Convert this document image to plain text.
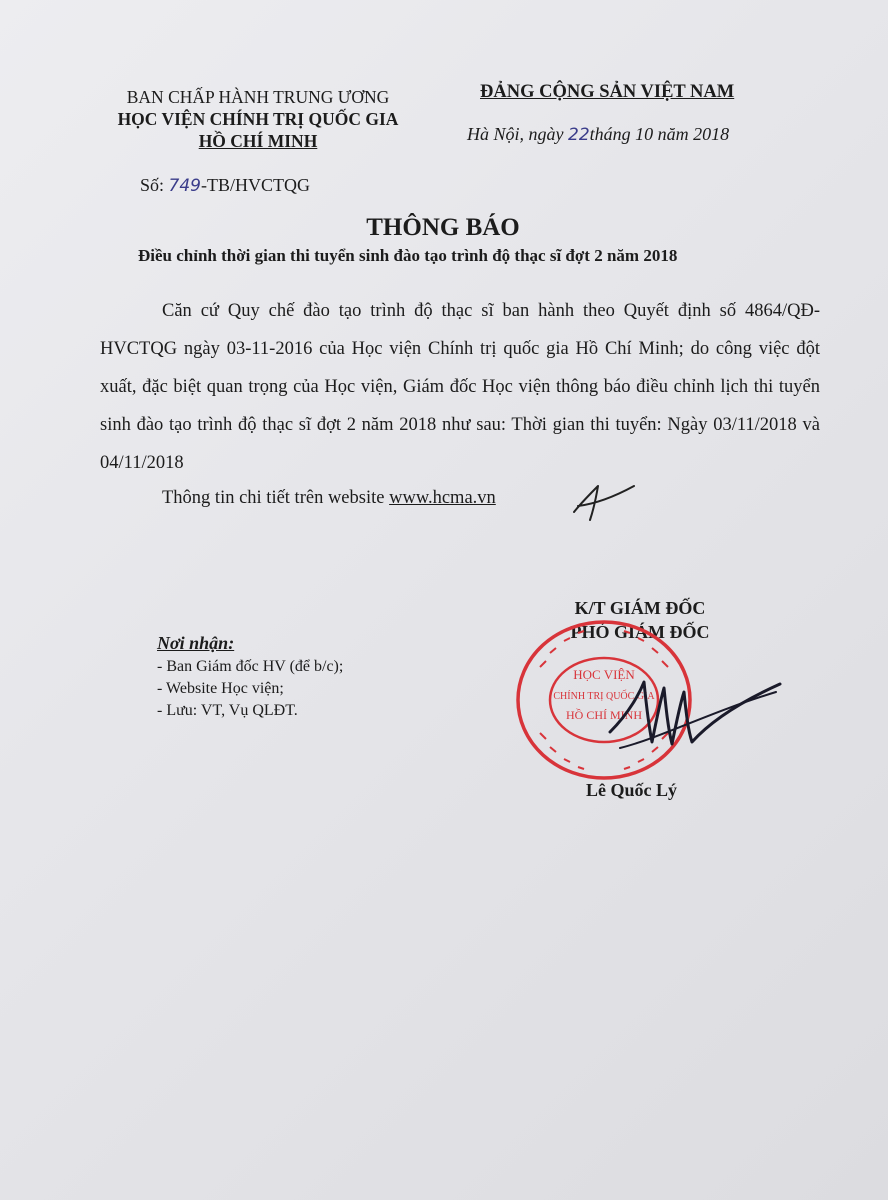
BAN CHẤP HÀNH TRUNG ƯƠNG
HỌC VIỆN CHÍNH TRỊ QUỐC GIA
HỒ CHÍ MINH
Số: 749-TB/HVCTQG
ĐẢNG CỘNG SẢN VIỆT NAM
Hà Nội, ngày 22tháng 10 năm 2018
THÔNG BÁO
Điều chỉnh thời gian thi tuyển sinh đào tạo trình độ thạc sĩ đợt 2 năm 2018
Căn cứ Quy chế đào tạo trình độ thạc sĩ ban hành theo Quyết định số 4864/QĐ-HVCTQG ngày 03-11-2016 của Học viện Chính trị quốc gia Hồ Chí Minh; do công việc đột xuất, đặc biệt quan trọng của Học viện, Giám đốc Học viện thông báo điều chỉnh lịch thi tuyển sinh đào tạo trình độ thạc sĩ đợt 2 năm 2018 như sau: Thời gian thi tuyển: Ngày 03/11/2018 và 04/11/2018
Thông tin chi tiết trên website www.hcma.vn
Nơi nhận:
- Ban Giám đốc HV (để b/c);
- Website Học viện;
- Lưu: VT, Vụ QLĐT.
K/T GIÁM ĐỐC
PHÓ GIÁM ĐỐC
HỌC VIỆN
CHÍNH TRỊ QUỐC GIA
HỒ CHÍ MINH
Lê Quốc Lý
